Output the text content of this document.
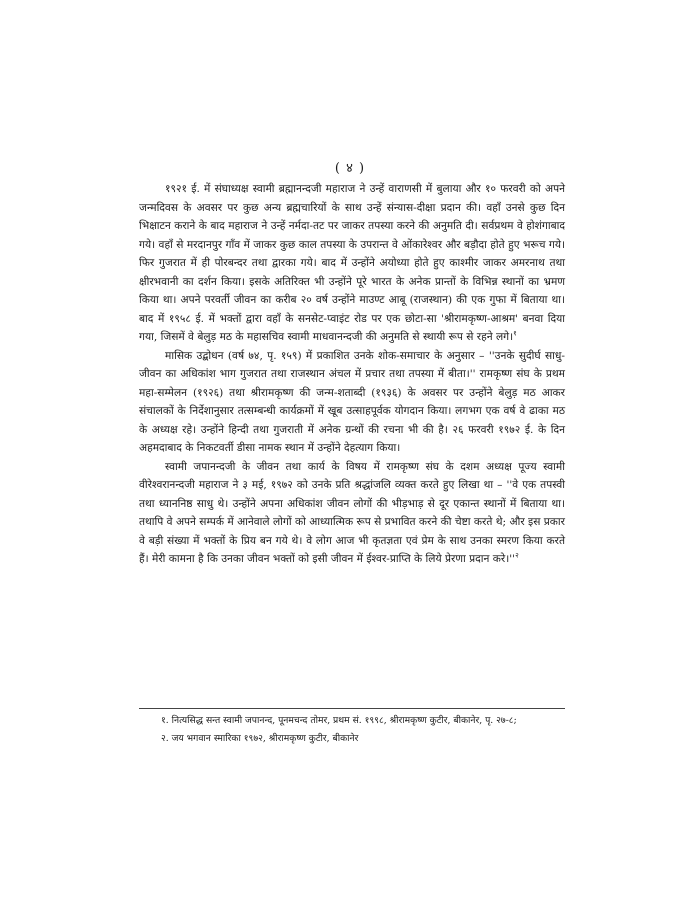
( ४ )

१९२१ ई. में संघाध्यक्ष स्वामी ब्रह्मानन्दजी महाराज ने उन्हें वाराणसी में बुलाया और १० फरवरी को अपने जन्मदिवस के अवसर पर कुछ अन्य ब्रह्मचारियों के साथ उन्हें संन्यास-दीक्षा प्रदान की। वहाँ उनसे कुछ दिन भिक्षाटन कराने के बाद महाराज ने उन्हें नर्मदा-तट पर जाकर तपस्या करने की अनुमति दी। सर्वप्रथम वे होशंगाबाद गये। वहाँ से मरदानपुर गाँव में जाकर कुछ काल तपस्या के उपरान्त वे ओंकारेश्वर और बड़ौदा होते हुए भरूच गये। फिर गुजरात में ही पोरबन्दर तथा द्वारका गये। बाद में उन्होंने अयोध्या होते हुए काश्मीर जाकर अमरनाथ तथा क्षीरभवानी का दर्शन किया। इसके अतिरिक्त भी उन्होंने पूरे भारत के अनेक प्रान्तों के विभिन्न स्थानों का भ्रमण किया था। अपने परवर्ती जीवन का करीब २० वर्ष उन्होंने माउण्ट आबू (राजस्थान) की एक गुफा में बिताया था। बाद में १९५८ ई. में भक्तों द्वारा वहाँ के सनसेट-प्वाइंट रोड पर एक छोटा-सा 'श्रीरामकृष्ण-आश्रम' बनवा दिया गया, जिसमें वे बेलुड़ मठ के महासचिव स्वामी माधवानन्दजी की अनुमति से स्थायी रूप से रहने लगे।$^१$

मासिक उद्बोधन (वर्ष ७४, पृ. १५९) में प्रकाशित उनके शोक-समाचार के अनुसार – ''उनके सुदीर्घ साधु-जीवन का अधिकांश भाग गुजरात तथा राजस्थान अंचल में प्रचार तथा तपस्या में बीता।'' रामकृष्ण संघ के प्रथम महा-सम्मेलन (१९२६) तथा श्रीरामकृष्ण की जन्म-शताब्दी (१९३६) के अवसर पर उन्होंने बेलुड़ मठ आकर संचालकों के निर्देशानुसार तत्सम्बन्धी कार्यक्रमों में खूब उत्साहपूर्वक योगदान किया। लगभग एक वर्ष वे ढाका मठ के अध्यक्ष रहे। उन्होंने हिन्दी तथा गुजराती में अनेक ग्रन्थों की रचना भी की है। २६ फरवरी १९७२ ई. के दिन अहमदाबाद के निकटवर्ती डीसा नामक स्थान में उन्होंने देहत्याग किया।

स्वामी जपानन्दजी के जीवन तथा कार्य के विषय में रामकृष्ण संघ के दशम अध्यक्ष पूज्य स्वामी वीरेश्वरानन्दजी महाराज ने ३ मई, १९७२ को उनके प्रति श्रद्धांजलि व्यक्त करते हुए लिखा था – ''वे एक तपस्वी तथा ध्याननिष्ठ साधु थे। उन्होंने अपना अधिकांश जीवन लोगों की भीड़भाड़ से दूर एकान्त स्थानों में बिताया था। तथापि वे अपने सम्पर्क में आनेवाले लोगों को आध्यात्मिक रूप से प्रभावित करने की चेष्टा करते थे; और इस प्रकार वे बड़ी संख्या में भक्तों के प्रिय बन गये थे। वे लोग आज भी कृतज्ञता एवं प्रेम के साथ उनका स्मरण किया करते हैं। मेरी कामना है कि उनका जीवन भक्तों को इसी जीवन में ईश्वर-प्राप्ति के लिये प्रेरणा प्रदान $करे।''^२$

१. नित्यसिद्ध सन्त स्वामी जपानन्द, पूनमचन्द तोमर, प्रथम सं. १९९८, श्रीरामकृष्ण कुटीर, बीकानेर, पृ. २७-८;

२. जय भगवान स्मारिका १९७२, श्रीरामकृष्ण कुटीर, बीकानेर
